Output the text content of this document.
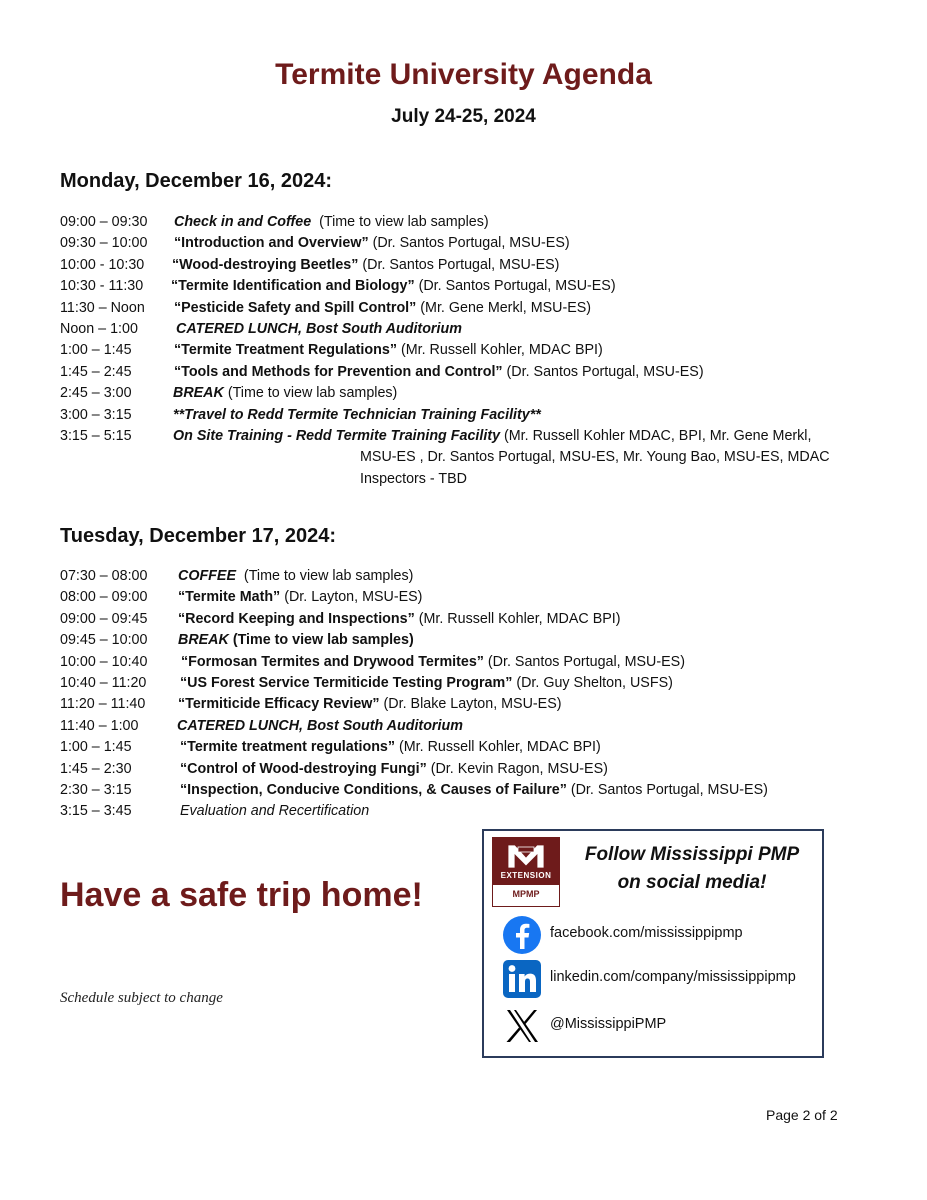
Termite University Agenda
July 24-25, 2024
Monday, December 16, 2024:
09:00 – 09:30 Check in and Coffee  (Time to view lab samples)
09:30 – 10:00 “Introduction and Overview” (Dr. Santos Portugal, MSU-ES)
10:00 - 10:30 “Wood-destroying Beetles” (Dr. Santos Portugal, MSU-ES)
10:30 - 11:30 “Termite Identification and Biology” (Dr. Santos Portugal, MSU-ES)
11:30 – Noon “Pesticide Safety and Spill Control” (Mr. Gene Merkl, MSU-ES)
Noon – 1:00	CATERED LUNCH, Bost South Auditorium
1:00 – 1:45	“Termite Treatment Regulations” (Mr. Russell Kohler, MDAC BPI)
1:45 – 2:45	“Tools and Methods for Prevention and Control” (Dr. Santos Portugal, MSU-ES)
2:45 – 3:00	BREAK (Time to view lab samples)
3:00 – 3:15	**Travel to Redd Termite Technician Training Facility**
3:15 – 5:15	On Site Training - Redd Termite Training Facility (Mr. Russell Kohler MDAC, BPI, Mr. Gene Merkl,
MSU-ES , Dr. Santos Portugal, MSU-ES, Mr. Young Bao, MSU-ES, MDAC
Inspectors - TBD
Tuesday, December 17, 2024:
07:30 – 08:00 COFFEE  (Time to view lab samples)
08:00 – 09:00 “Termite Math” (Dr. Layton, MSU-ES)
09:00 – 09:45 “Record Keeping and Inspections” (Mr. Russell Kohler, MDAC BPI)
09:45 – 10:00 BREAK (Time to view lab samples)
10:00 – 10:40 “Formosan Termites and Drywood Termites” (Dr. Santos Portugal, MSU-ES)
10:40 – 11:20 “US Forest Service Termiticide Testing Program” (Dr. Guy Shelton, USFS)
11:20 – 11:40 “Termiticide Efficacy Review” (Dr. Blake Layton, MSU-ES)
11:40 – 1:00	CATERED LUNCH, Bost South Auditorium
1:00 – 1:45	“Termite treatment regulations” (Mr. Russell Kohler, MDAC BPI)
1:45 – 2:30	“Control of Wood-destroying Fungi” (Dr. Kevin Ragon, MSU-ES)
2:30 – 3:15	“Inspection, Conducive Conditions, & Causes of Failure” (Dr. Santos Portugal, MSU-ES)
3:15 – 3:45	Evaluation and Recertification
Have a safe trip home!
Schedule subject to change
EXTENSION
MPMP
Follow Mississippi PMP
on social media!
facebook.com/mississippipmp
linkedin.com/company/mississippipmp
@MississippiPMP
Page 2 of 2
